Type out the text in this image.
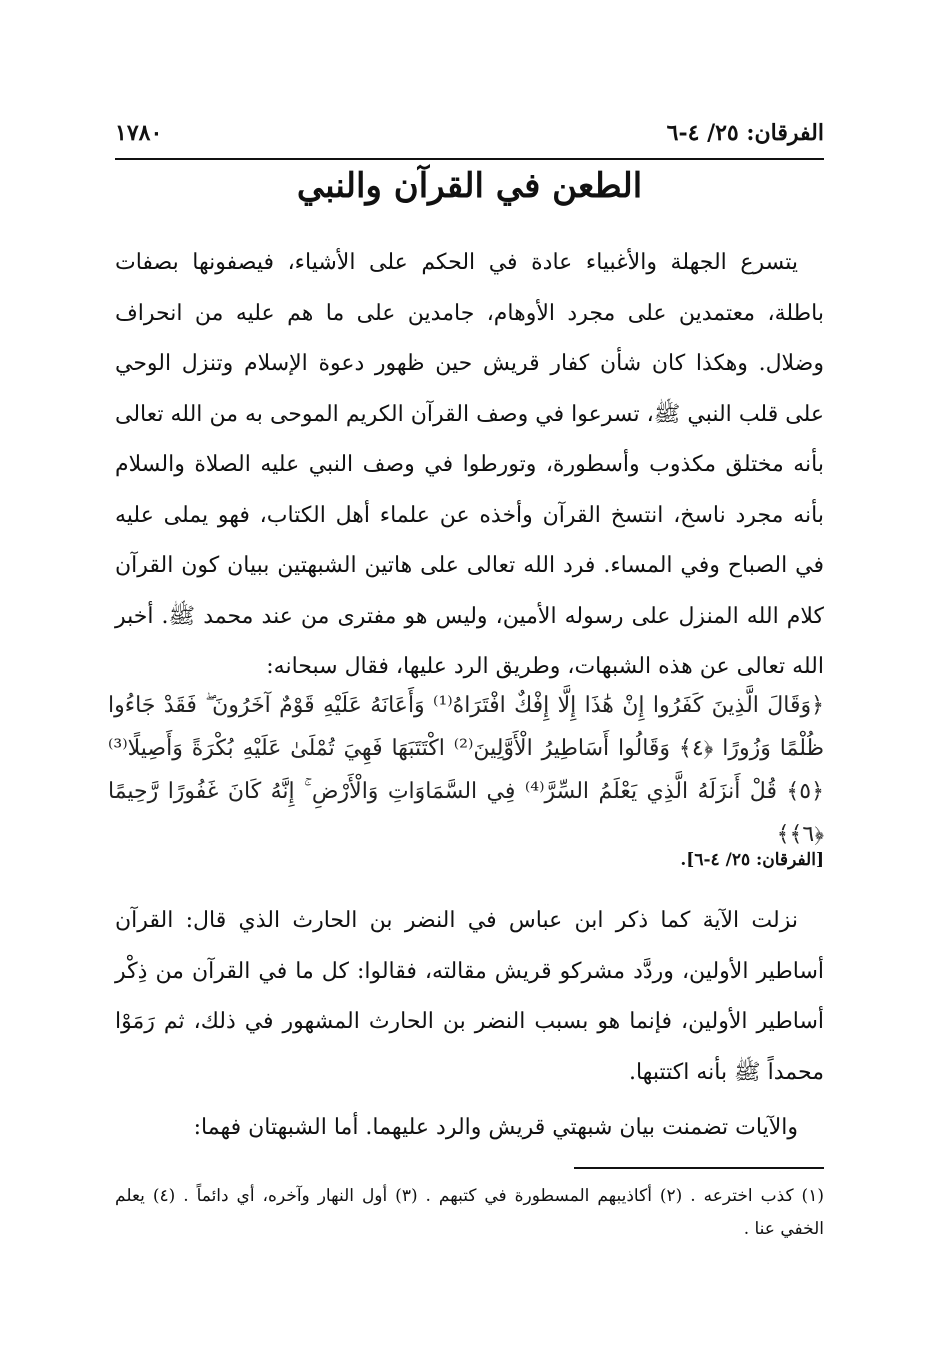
الفرقان: ٢٥/ ٤-٦
١٧٨٠
الطعن في القرآن والنبي

يتسرع الجهلة والأغبياء عادة في الحكم على الأشياء، فيصفونها بصفات باطلة، معتمدين على مجرد الأوهام، جامدين على ما هم عليه من انحراف وضلال. وهكذا كان شأن كفار قريش حين ظهور دعوة الإسلام وتنزل الوحي على قلب النبي ﷺ، تسرعوا في وصف القرآن الكريم الموحى به من الله تعالى بأنه مختلق مكذوب وأسطورة، وتورطوا في وصف النبي عليه الصلاة والسلام بأنه مجرد ناسخ، انتسخ القرآن وأخذه عن علماء أهل الكتاب، فهو يملى عليه في الصباح وفي المساء. فرد الله تعالى على هاتين الشبهتين ببيان كون القرآن كلام الله المنزل على رسوله الأمين، وليس هو مفترى من عند محمد ﷺ. أخبر الله تعالى عن هذه الشبهات، وطريق الرد عليها، فقال سبحانه:

﴿وَقَالَ الَّذِينَ كَفَرُوا إِنْ هَٰذَا إِلَّا إِفْكٌ افْتَرَاهُ⁽¹⁾ وَأَعَانَهُ عَلَيْهِ قَوْمٌ آخَرُونَ ۖ فَقَدْ جَاءُوا ظُلْمًا وَزُورًا ﴿٤﴾ وَقَالُوا أَسَاطِيرُ الْأَوَّلِينَ⁽²⁾ اكْتَتَبَهَا فَهِيَ تُمْلَىٰ عَلَيْهِ بُكْرَةً وَأَصِيلًا⁽³⁾ ﴿٥﴾ قُلْ أَنزَلَهُ الَّذِي يَعْلَمُ السِّرَّ⁽⁴⁾ فِي السَّمَاوَاتِ وَالْأَرْضِ ۚ إِنَّهُ كَانَ غَفُورًا رَّحِيمًا ﴿٦﴾﴾

[الفرقان: ٢٥/ ٤-٦].

نزلت الآية كما ذكر ابن عباس في النضر بن الحارث الذي قال: القرآن أساطير الأولين، وردَّد مشركو قريش مقالته، فقالوا: كل ما في القرآن من ذِكْر أساطير الأولين، فإنما هو بسبب النضر بن الحارث المشهور في ذلك، ثم رَمَوْا محمداً ﷺ بأنه اكتتبها.

والآيات تضمنت بيان شبهتي قريش والرد عليهما. أما الشبهتان فهما:

(١) كذب اخترعه . (٢) أكاذيبهم المسطورة في كتبهم . (٣) أول النهار وآخره، أي دائماً . (٤) يعلم الخفي عنا .
